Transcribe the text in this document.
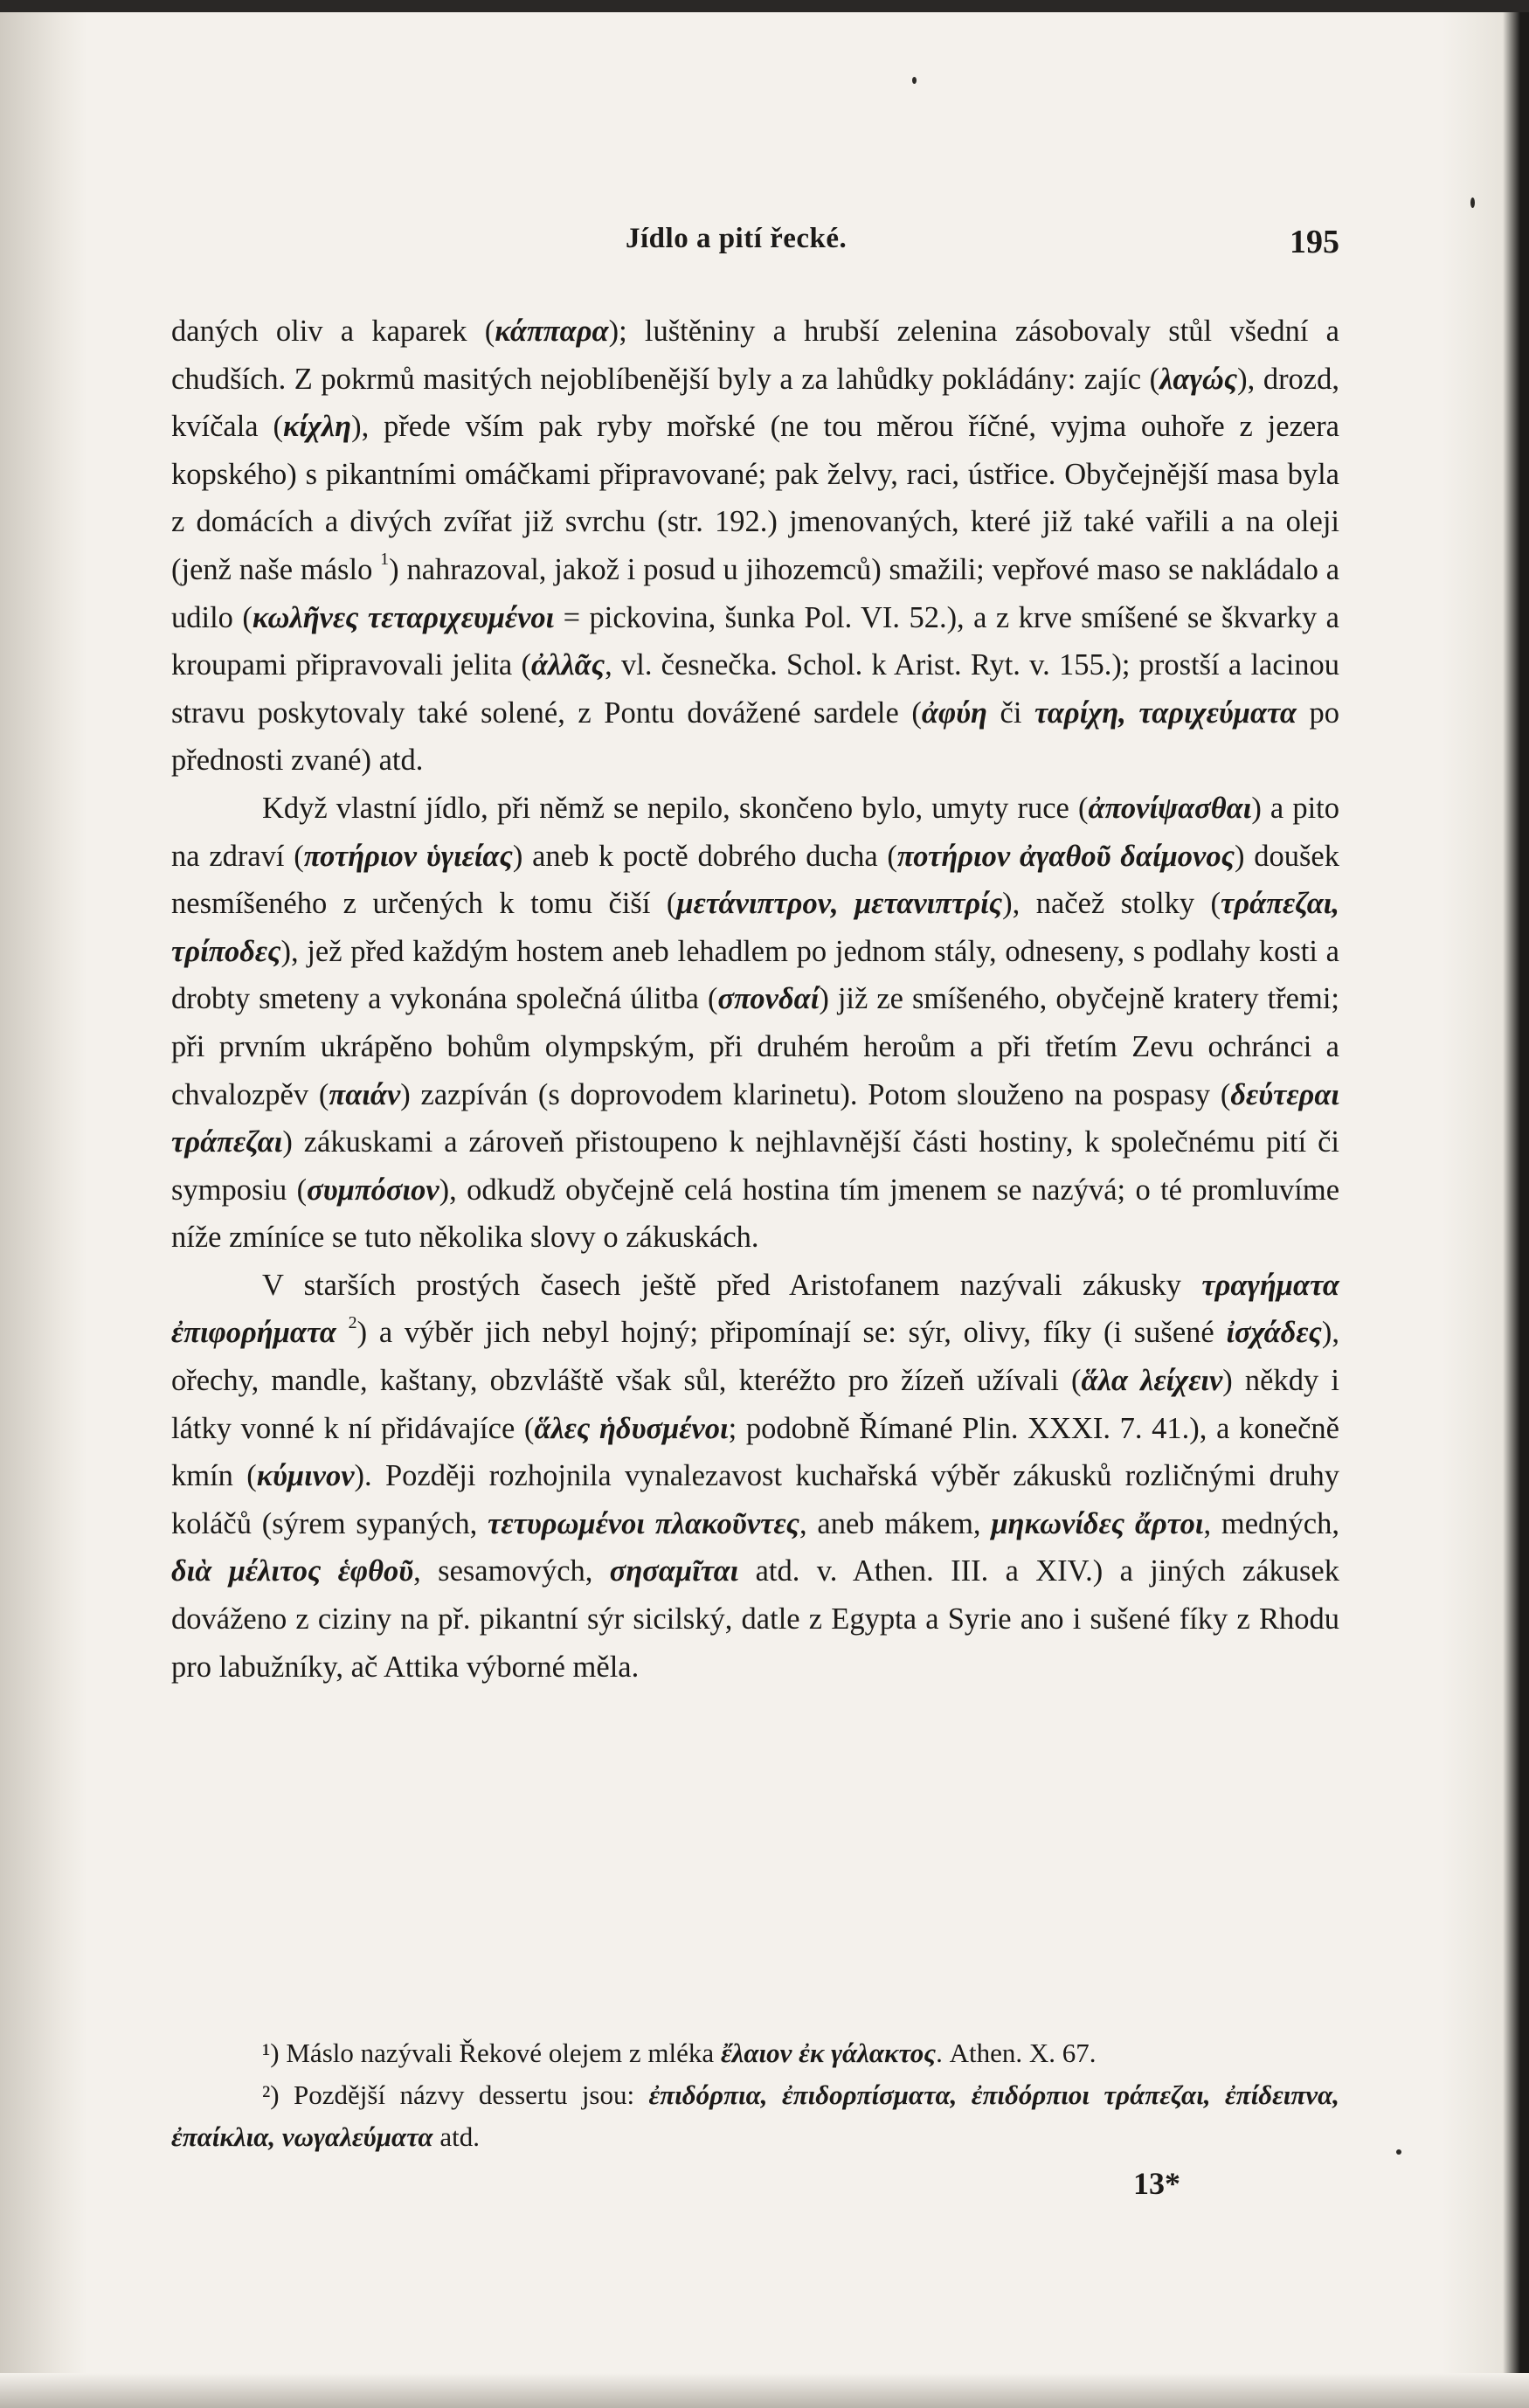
Jídlo a pití řecké.	195

daných oliv a kaparek (κάππαρα); luštěniny a hrubší zelenina zásobovaly stůl všední a chudších. Z pokrmů masitých nejoblíbenější byly a za lahůdky pokládány: zajíc (λαγώς), drozd, kvíčala (κίχλη), přede vším pak ryby mořské (ne tou měrou říčné, vyjma ouhoře z jezera kopského) s pikantními omáčkami připravované; pak želvy, raci, ústřice. Obyčejnější masa byla z domácích a divých zvířat již svrchu (str. 192.) jmenovaných, které již také vařili a na oleji (jenž naše máslo $^1$) nahrazoval, jakož i posud u jihozemců) smažili; vepřové maso se nakládalo a udilo (κωλῆνες τεταριχευμένοι = pickovina, šunka Pol. VI. 52.), a z krve smíšené se škvarky a kroupami připravovali jelita (ἀλλᾶς, vl. česnečka. Schol. k Arist. Ryt. v. 155.); prostší a lacinou stravu poskytovaly také solené, z Pontu dovážené sardele (ἀφύη či ταρίχη, ταριχεύματα po přednosti zvané) atd.

Když vlastní jídlo, při němž se nepilo, skončeno bylo, umyty ruce (ἀπονίψασθαι) a pito na zdraví (ποτήριον ὑγιείας) aneb k poctě dobrého ducha (ποτήριον ἀγαθοῦ δαίμονος) doušek nesmíšeného z určených k tomu čiší (μετάνιπτρον, μετανιπτρίς), načež stolky (τράπεζαι, τρίποδες), jež před každým hostem aneb lehadlem po jednom stály, odneseny, s podlahy kosti a drobty smeteny a vykonána společná úlitba (σπονδαί) již ze smíšeného, obyčejně kratery třemi; při prvním ukrápěno bohům olympským, při druhém heroům a při třetím Zevu ochránci a chvalozpěv (παιάν) zazpíván (s doprovodem klarinetu). Potom slouženo na pospasy (δεύτεραι τράπεζαι) zákuskami a zároveň přistoupeno k nejhlavnější části hostiny, k společnému pití či symposiu (συμπόσιον), odkudž obyčejně celá hostina tím jmenem se nazývá; o té promluvíme níže zmíníce se tuto několika slovy o zákuskách.

V starších prostých časech ještě před Aristofanem nazývali zákusky τραγήματα ἐπιφορήματα $^2$) a výběr jich nebyl hojný; připomínají se: sýr, olivy, fíky (i sušené ἰσχάδες), ořechy, mandle, kaštany, obzvláště však sůl, kteréžto pro žízeň užívali (ἅλα λείχειν) někdy i látky vonné k ní přidávajíce (ἅλες ἡδυσμένοι; podobně Římané Plin. XXXI. 7. 41.), a konečně kmín (κύμινον). Později rozhojnila vynalezavost kuchařská výběr zákusků rozličnými druhy koláčů (sýrem sypaných, τετυρωμένοι πλακοῦντες, aneb mákem, μηκωνίδες ἄρτοι, medných, διὰ μέλιτος ἑφθοῦ, sesamových, σησαμῖται atd. v. Athen. III. a XIV.) a jiných zákusek dováženo z ciziny na př. pikantní sýr sicilský, datle z Egypta a Syrie ano i sušené fíky z Rhodu pro labužníky, ač Attika výborné měla.

¹) Máslo nazývali Řekové olejem z mléka ἔλαιον ἐκ γάλακτος. Athen. X. 67.

²) Pozdější názvy dessertu jsou: ἐπιδόρπια, ἐπιδορπίσματα, ἐπιδόρπιοι τράπεζαι, ἐπίδειπνα, ἐπαίκλια, νωγαλεύματα atd.

13*
